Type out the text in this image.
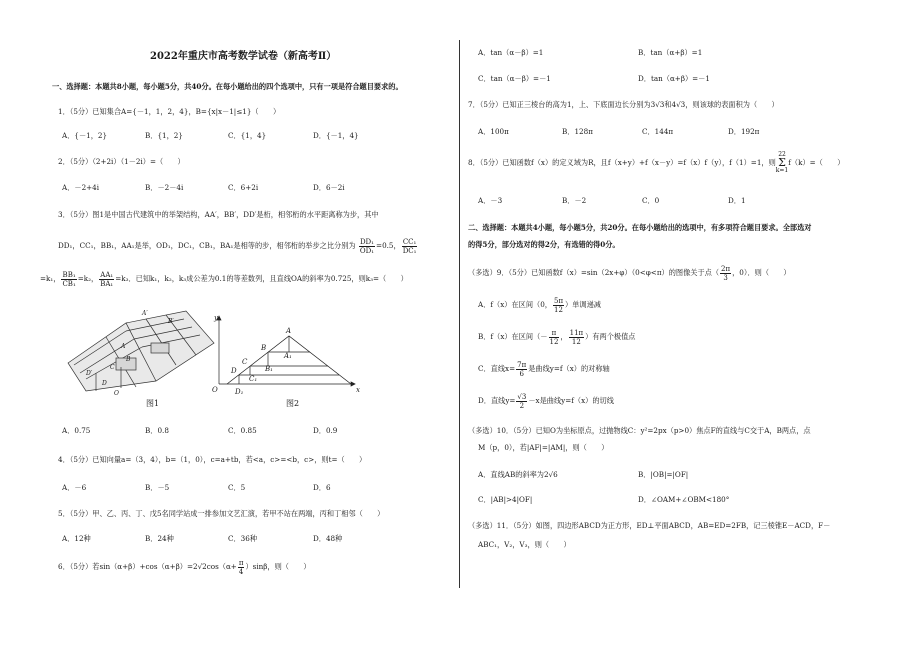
2022年重庆市高考数学试卷（新高考Ⅱ）
一、选择题：本题共8小题，每小题5分，共40分。在每小题给出的四个选项中，只有一项是符合题目要求的。
1．（5分）已知集合A={－1，1，2，4}，B={x|x－1|≤1}（　　）
A．{－1，2}	B．{1，2}	C．{1，4}	D．{－1，4}
2．（5分）（2+2i）（1－2i）=（　　）
A．－2+4i	B．－2－4i	C．6+2i	D．6－2i
3．（5分）图1是中国古代建筑中的举架结构，AA′，BB′，DD′是桁，相邻桁的水平距离称为步，其中
DD₁，CC₁，BB₁，AA₁是举，OD₁，DC₁，CB₁，BA₁是相等的步，相邻桁的举步之比分别为 $\frac{\text{DD₁}}{\text{OD₁}} =0.5$， $\frac{\text{CC₁}}{\text{DC₁}}$
=k₁， $\frac{\text{BB₁}}{\text{CB₁}} =k_2$， $\frac{\text{AA₁}}{\text{BA₁}} =k_3$．已知k₁，k₂，k₃成公差为0.1的等差数列，且直线OA的斜率为0.725，则k₃=（　　）
A′
B′
A
B
C
D′
D
O
图1
y
x
O
A
A₁
B
B₁
C
C₁
D
D₁
图2
A．0.75	B．0.8	C．0.85	D．0.9
4．（5分）已知向量a=（3，4），b=（1，0），c=a+tb，若<a，c>=<b，c>，则t=（　　）
A．－6	B．－5	C．5	D．6
5．（5分）甲、乙、丙、丁、戊5名同学站成一排参加文艺汇演，若甲不站在两端，丙和丁相邻（　　）
A．12种	B．24种	C．36种	D．48种
6．（5分）若$\sin(\alpha+\beta)+\cos(\alpha+\beta)=2√2\cos(\alpha+ \frac{\pi}{4} )\sin\beta$，则（　　）
A．tan（α－β）=1	B．tan（α+β）=1
C．tan（α－β）=－1	D．tan（α+β）=－1
7．（5分）已知正三棱台的高为1，上、下底面边长分别为3√3和4√3，则该球的表面积为（　　）
A．100π	B．128π	C．144π	D．192π
8．（5分）已知函数f（x）的定义域为R，且f（x+y）+f（x－y）=f（x）f（y），f（1）=1，则22
Σ
k=1f（k）=（　　）
A．－3	B．－2	C．0	D．1
二、选择题：本题共4小题，每小题5分，共20分。在每小题给出的选项中，有多项符合题目要求。全部选对
的得5分，部分选对的得2分，有选错的得0分。
（多选）9．（5分）已知函数f（x）=sin（2x+φ）（0<φ<π）的图像关于点（ $\frac{2\pi}{3}$ ，0）．则（　　）
A．f（x）在区间（0， $\frac{5\pi}{12}$ ）单调递减
B．f（x）在区间（－ $\frac{\pi}{12}$ ， $\frac{11\pi}{12}$ ）有两个极值点
C．直线$x= \frac{7\pi}{6}$ 是曲线y=f（x）的对称轴
D．直线$y= \frac{√3}{2} -x$是曲线y=f（x）的切线
（多选）10．（5分）已知O为坐标原点，过抛物线C：y²=2px（p>0）焦点F的直线与C交于A，B两点，点
M（p，0），若|AF|=|AM|，则（　　）
A．直线AB的斜率为2√6	B．|OB|=|OF|
C．|AB|>4|OF|	D．∠OAM+∠OBM<180°
（多选）11．（5分）如图，四边形ABCD为正方形，ED⊥平面ABCD，AB=ED=2FB，记三棱锥E－ACD，F－
ABC₁，V₂，V₃，则（　　）
